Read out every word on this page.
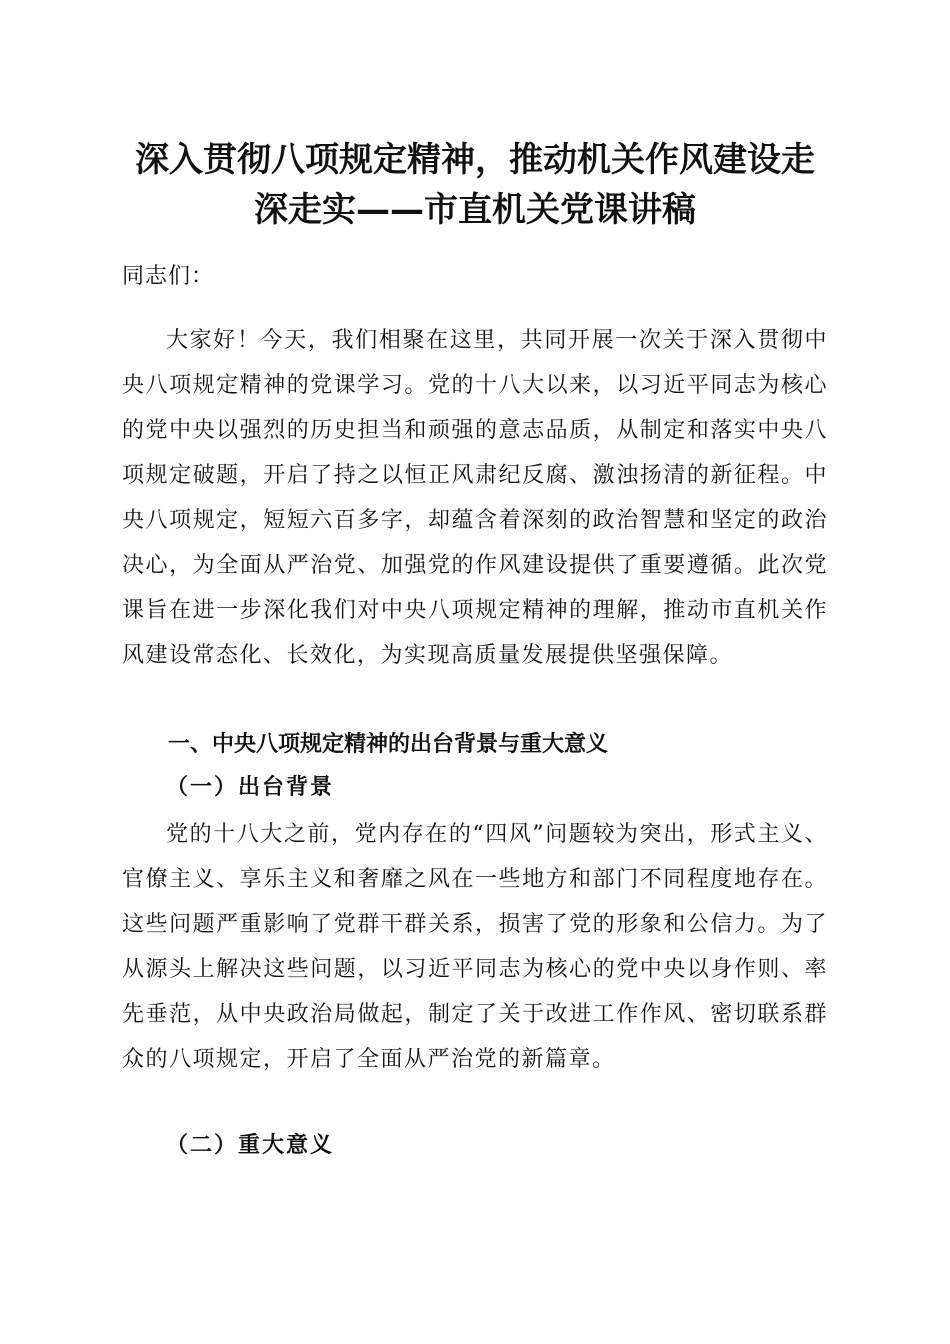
深入贯彻八项规定精神，推动机关作风建设走
深走实——市直机关党课讲稿

同志们：

大家好！今天，我们相聚在这里，共同开展一次关于深入贯彻中央八项规定精神的党课学习。党的十八大以来，以习近平同志为核心的党中央以强烈的历史担当和顽强的意志品质，从制定和落实中央八项规定破题，开启了持之以恒正风肃纪反腐、激浊扬清的新征程。中央八项规定，短短六百多字，却蕴含着深刻的政治智慧和坚定的政治决心，为全面从严治党、加强党的作风建设提供了重要遵循。此次党课旨在进一步深化我们对中央八项规定精神的理解，推动市直机关作风建设常态化、长效化，为实现高质量发展提供坚强保障。

一、中央八项规定精神的出台背景与重大意义
（一）出台背景

党的十八大之前，党内存在的“四风”问题较为突出，形式主义、官僚主义、享乐主义和奢靡之风在一些地方和部门不同程度地存在。这些问题严重影响了党群干群关系，损害了党的形象和公信力。为了从源头上解决这些问题，以习近平同志为核心的党中央以身作则、率先垂范，从中央政治局做起，制定了关于改进工作作风、密切联系群众的八项规定，开启了全面从严治党的新篇章。

（二）重大意义
